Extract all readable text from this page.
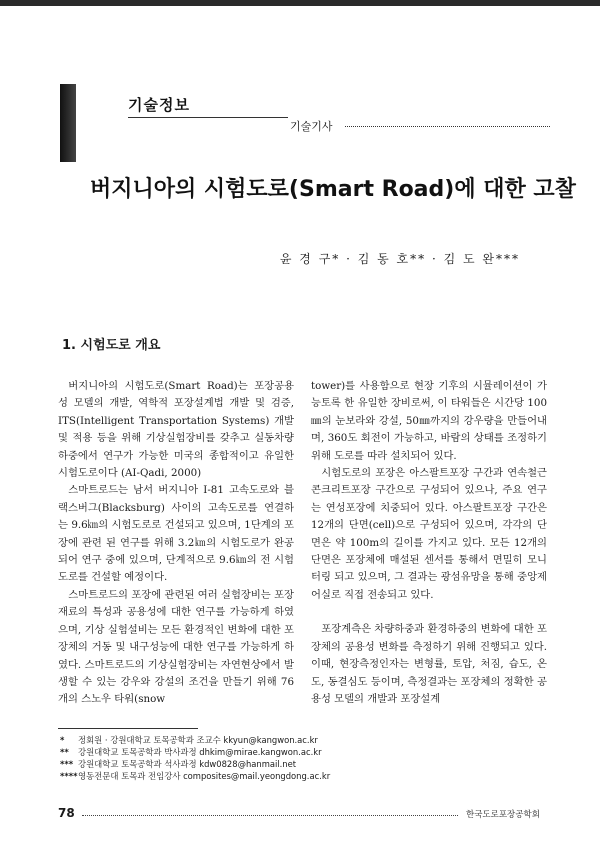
기술정보
기술기사
버지니아의 시험도로(Smart Road)에 대한 고찰
윤 경 구* · 김 동 호** · 김 도 완***
1. 시험도로 개요

버지니아의 시험도로(Smart Road)는 포장공용성 모델의 개발, 역학적 포장설계법 개발 및 검증, ITS(Intelligent Transportation Systems) 개발 및 적용 등을 위해 기상실험장비를 갖추고 실동차량하중에서 연구가 가능한 미국의 종합적이고 유일한 시험도로이다 (AI-Qadi, 2000)

스마트로드는 남서 버지니아 I-81 고속도로와 블랙스버그(Blacksburg) 사이의 고속도로를 연결하는 9.6㎞의 시험도로로 건설되고 있으며, 1단계의 포장에 관련 된 연구를 위해 3.2㎞의 시험도로가 완공되어 연구 중에 있으며, 단계적으로 9.6㎞의 전 시험도로를 건설할 예정이다.

스마트로드의 포장에 관련된 여러 실험장비는 포장재료의 특성과 공용성에 대한 연구를 가능하게 하였으며, 기상 실험설비는 모든 환경적인 변화에 대한 포장체의 거동 및 내구성능에 대한 연구를 가능하게 하였다. 스마트로드의 기상실험장비는 자연현상에서 발생할 수 있는 강우와 강설의 조건을 만들기 위해 76개의 스노우 타워(snow

tower)를 사용함으로 현장 기후의 시뮬레이션이 가능토록 한 유일한 장비로써, 이 타워들은 시간당 100㎜의 눈보라와 강설, 50㎜까지의 강우량을 만들어내며, 360도 회전이 가능하고, 바람의 상태를 조정하기 위해 도로를 따라 설치되어 있다.

시험도로의 포장은 아스팔트포장 구간과 연속철근콘크리트포장 구간으로 구성되어 있으나, 주요 연구는 연성포장에 치중되어 있다. 아스팔트포장 구간은 12개의 단면(cell)으로 구성되어 있으며, 각각의 단면은 약 100m의 길이를 가지고 있다. 모든 12개의 단면은 포장체에 매설된 센서를 통해서 면밀히 모니터링 되고 있으며, 그 결과는 광섬유망을 통해 중앙제어실로 직접 전송되고 있다.

포장계측은 차량하중과 환경하중의 변화에 대한 포장체의 공용성 변화를 측정하기 위해 진행되고 있다. 이때, 현장측정인자는 변형률, 토압, 처짐, 습도, 온도, 동결심도 등이며, 측정결과는 포장체의 정확한 공용성 모델의 개발과 포장설계

* 정회원 · 강원대학교 토목공학과 조교수 kkyun@kangwon.ac.kr
** 강원대학교 토목공학과 박사과정 dhkim@mirae.kangwon.ac.kr
*** 강원대학교 토목공학과 석사과정 kdw0828@hanmail.net
****영동전문대 토목과 전임강사 composites@mail.yeongdong.ac.kr
78	한국도로포장공학회
